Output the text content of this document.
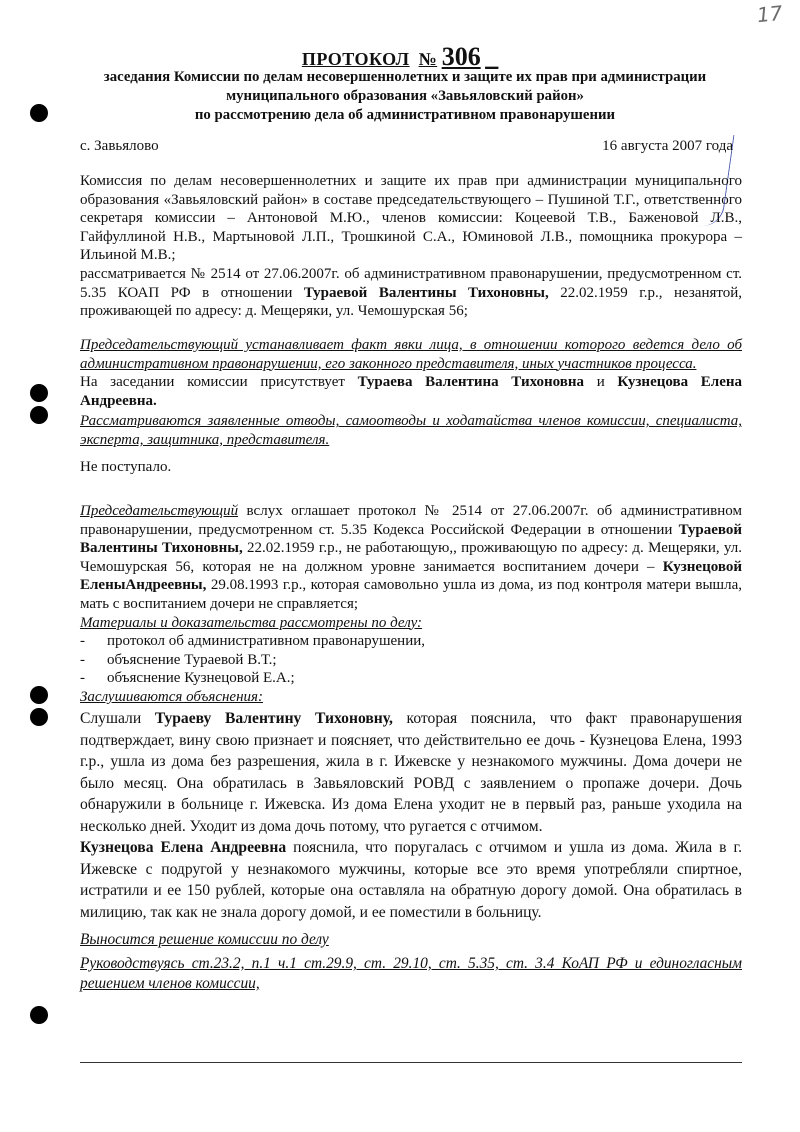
17
ПРОТОКОЛ № 306 _
заседания Комиссии по делам несовершеннолетних и защите их прав при администрации
муниципального образования «Завьяловский район»
по рассмотрению дела об административном правонарушении
с. Завьялово	16 августа 2007 года

Комиссия по делам несовершеннолетних и защите их прав при администрации муниципального образования «Завьяловский район» в составе председательствующего – Пушиной Т.Г., ответственного секретаря комиссии – Антоновой М.Ю., членов комиссии: Коцеевой Т.В., Баженовой Л.В., Гайфуллиной Н.В., Мартыновой Л.П., Трошкиной С.А., Юминовой Л.В., помощника прокурора – Ильиной М.В.;

рассматривается № 2514 от 27.06.2007г. об административном правонарушении, предусмотренном ст. 5.35 КОАП РФ в отношении Тураевой Валентины Тихоновны, 22.02.1959 г.р., незанятой, проживающей по адресу: д. Мещеряки, ул. Чемошурская 56;

Председательствующий устанавливает факт явки лица, в отношении которого ведется дело об административном правонарушении, его законного представителя, иных участников процесса.

На заседании комиссии присутствует Тураева Валентина Тихоновна и Кузнецова Елена Андреевна.

Рассматриваются заявленные отводы, самоотводы и ходатайства членов комиссии, специалиста, эксперта, защитника, представителя.

Не поступало.

Председательствующий вслух оглашает протокол № 2514 от 27.06.2007г. об административном правонарушении, предусмотренном ст. 5.35 Кодекса Российской Федерации в отношении Тураевой Валентины Тихоновны, 22.02.1959 г.р., не работающую,, проживающую по адресу: д. Мещеряки, ул. Чемошурская 56, которая не на должном уровне занимается воспитанием дочери – Кузнецовой ЕленыАндреевны, 29.08.1993 г.р., которая самовольно ушла из дома, из под контроля матери вышла, мать с воспитанием дочери не справляется;

Материалы и доказательства рассмотрены по делу:

- протокол об административном правонарушении,
- объяснение Тураевой В.Т.;
- объяснение Кузнецовой Е.А.;

Заслушиваются объяснения:

Слушали Тураеву Валентину Тихоновну, которая пояснила, что факт правонарушения подтверждает, вину свою признает и поясняет, что действительно ее дочь - Кузнецова Елена, 1993 г.р., ушла из дома без разрешения, жила в г. Ижевске у незнакомого мужчины. Дома дочери не было месяц. Она обратилась в Завьяловский РОВД с заявлением о пропаже дочери. Дочь обнаружили в больнице г. Ижевска. Из дома Елена уходит не в первый раз, раньше уходила на несколько дней. Уходит из дома дочь потому, что ругается с отчимом.

Кузнецова Елена Андреевна пояснила, что поругалась с отчимом и ушла из дома. Жила в г. Ижевске с подругой у незнакомого мужчины, которые все это время употребляли спиртное, истратили и ее 150 рублей, которые она оставляла на обратную дорогу домой. Она обратилась в милицию, так как не знала дорогу домой, и ее поместили в больницу.

Выносится решение комиссии по делу

Руководствуясь ст.23.2, п.1 ч.1 ст.29.9, ст. 29.10, ст. 5.35, ст. 3.4 КоАП РФ и единогласным решением членов комиссии,
